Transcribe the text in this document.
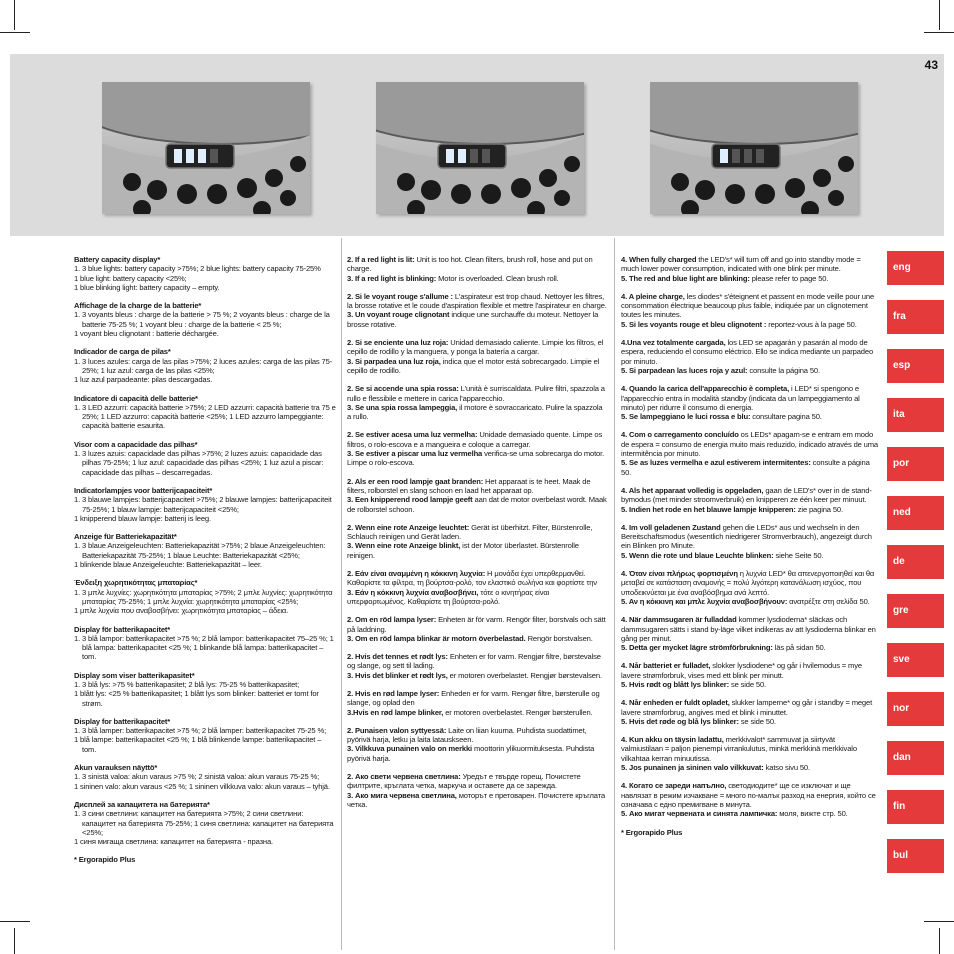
43
Battery capacity display*
1. 3 blue lights: battery capacity >75%; 2 blue lights: battery capacity 75-25%
1 blue light: battery capacity <25%;
1 blue blinking light: battery capacity – empty.
Affichage de la charge de la batterie*
1. 3 voyants bleus : charge de la batterie > 75 %; 2 voyants bleus : charge de la batterie 75-25 %; 1 voyant bleu : charge de la batterie < 25 %;
1 voyant bleu clignotant : batterie déchargée.
Indicador de carga de pilas*
1. 3 luces azules: carga de las pilas >75%; 2 luces azules: carga de las pilas 75-25%; 1 luz azul: carga de las pilas <25%;
1 luz azul parpadeante: pilas descargadas.
Indicatore di capacità delle batterie*
1. 3 LED azzurri: capacità batterie >75%; 2 LED azzurri: capacità batterie tra 75 e 25%; 1 LED azzurro: capacità batterie <25%; 1 LED azzurro lampeggiante: capacità batterie esaurita.
Visor com a capacidade das pilhas*
1. 3 luzes azuis: capacidade das pilhas >75%; 2 luzes azuis: capacidade das pilhas 75-25%; 1 luz azul: capacidade das pilhas <25%; 1 luz azul a piscar: capacidade das pilhas – descarregadas.
Indicatorlampjes voor batterijcapaciteit*
1. 3 blauwe lampjes: batterijcapaciteit >75%; 2 blauwe lampjes: batterijcapaciteit 75-25%; 1 blauw lampje: batterijcapaciteit <25%;
1 knipperend blauw lampje: batterij is leeg.
Anzeige für Batteriekapazität*
1. 3 blaue Anzeigeleuchten: Batteriekapazität >75%; 2 blaue Anzeigeleuchten: Batteriekapazität 75-25%; 1 blaue Leuchte: Batteriekapazität <25%;
1 blinkende blaue Anzeigeleuchte: Batteriekapazität – leer.
Ένδειξη χωρητικότητας μπαταρίας*
1. 3 μπλε λυχνίες: χωρητικότητα μπαταρίας >75%; 2 μπλε λυχνίες: χωρητικότητα μπαταρίας 75-25%; 1 μπλε λυχνία: χωρητικότητα μπαταρίας <25%;
1 μπλε λυχνία που αναβοσβήνει: χωρητικότητα μπαταρίας – άδεια.
Display för batterikapacitet*
1. 3 blå lampor: batterikapacitet >75 %; 2 blå lampor: batterikapacitet 75–25 %; 1 blå lampa: batterikapacitet <25 %; 1 blinkande blå lampa: batterikapacitet – tom.
Display som viser batterikapasitet*
1. 3 blå lys: >75 % batterikapasitet; 2 blå lys: 75-25 % batterikapasitet;
1 blått lys: <25 % batterikapasitet; 1 blått lys som blinker: batteriet er tomt for strøm.
Display for batterikapacitet*
1. 3 blå lamper: batterikapacitet >75 %; 2 blå lamper: batterikapacitet 75-25 %;
1 blå lampe: batterikapacitet <25 %; 1 blå blinkende lampe: batterikapacitet – tom.
Akun varauksen näyttö*
1. 3 sinistä valoa: akun varaus >75 %; 2 sinistä valoa: akun varaus 75-25 %;
1 sininen valo: akun varaus <25 %; 1 sininen vilkkuva valo: akun varaus – tyhjä.
Дисплей за капацитета на батерията*
1. 3 сини светлини: капацитет на батерията >75%; 2 сини светлини: капацитет на батерията 75-25%; 1 синя светлина: капацитет на батерията <25%;
1 синя мигаща светлина: капацитет на батерията - празна.
* Ergorapido Plus
2. If a red light is lit: Unit is too hot. Clean filters, brush roll, hose and put on charge.
3. If a red light is blinking: Motor is overloaded. Clean brush roll.
2. Si le voyant rouge s'allume : L'aspirateur est trop chaud. Nettoyer les filtres, la brosse rotative et le coude d'aspiration flexible et mettre l'aspirateur en charge.
3. Un voyant rouge clignotant indique une surchauffe du moteur. Nettoyer la brosse rotative.
2. Si se enciente una luz roja: Unidad demasiado caliente. Limpie los filtros, el cepillo de rodillo y la manguera, y ponga la batería a cargar.
3. Si parpadea una luz roja, indica que el motor está sobrecargado. Limpie el cepillo de rodillo.
2. Se si accende una spia rossa: L'unità è surriscaldata. Pulire filtri, spazzola a rullo e flessibile e mettere in carica l'apparecchio.
3. Se una spia rossa lampeggia, il motore è sovraccaricato. Pulire la spazzola a rullo.
2. Se estiver acesa uma luz vermelha: Unidade demasiado quente. Limpe os filtros, o rolo-escova e a mangueira e coloque a carregar.
3. Se estiver a piscar uma luz vermelha verifica-se uma sobrecarga do motor. Limpe o rolo-escova.
2. Als er een rood lampje gaat branden: Het apparaat is te heet. Maak de filters, rolborstel en slang schoon en laad het apparaat op.
3. Een knipperend rood lampje geeft aan dat de motor overbelast wordt. Maak de rolborstel schoon.
2. Wenn eine rote Anzeige leuchtet: Gerät ist überhitzt. Filter, Bürstenrolle, Schlauch reinigen und Gerät laden.
3. Wenn eine rote Anzeige blinkt, ist der Motor überlastet. Bürstenrolle reinigen.
2. Εάν είναι αναμμένη η κόκκινη λυχνία: Η μονάδα έχει υπερθερμανθεί. Καθαρίστε τα φίλτρα, τη βούρτσα-ρολό, τον ελαστικό σωλήνα και φορτίστε την
3. Εάν η κόκκινη λυχνία αναβοσβήνει, τότε ο κινητήρας είναι υπερφορτωμένος. Καθαρίστε τη βούρτσα-ρολό.
2. Om en röd lampa lyser: Enheten är för varm. Rengör filter, borstvals och sätt på laddning.
3. Om en röd lampa blinkar är motorn överbelastad. Rengör borstvalsen.
2. Hvis det tennes et rødt lys: Enheten er for varm. Rengjør filtre, børstevalse og slange, og sett til lading.
3. Hvis det blinker et rødt lys, er motoren overbelastet. Rengjør børstevalsen.
2. Hvis en rød lampe lyser: Enheden er for varm. Rengør filtre, børsterulle og slange, og oplad den
3.Hvis en rød lampe blinker, er motoren overbelastet. Rengør børsterullen.
2. Punaisen valon syttyessä: Laite on liian kuuma. Puhdista suodattimet, pyörivä harja, letku ja laita latauskseen.
3. Vilkkuva punainen valo on merkki moottorin ylikuormituksesta. Puhdista pyörivä harja.
2. Ако свети червена светлина: Уредът е твърде горещ. Почистете филтрите, кръглата четка, маркуча и оставете да се зарежда.
3. Ако мига червена светлина, моторът е претоварен. Почистете кръглата четка.
4. When fully charged the LED's* will turn off and go into standby mode = much lower power consumption, indicated with one blink per minute.
5. The red and blue light are blinking: please refer to page 50.
4. A pleine charge, les diodes* s'éteignent et passent en mode veille pour une consommation électrique beaucoup plus faible, indiquée par un clignotement toutes les minutes.
5. Si les voyants rouge et bleu clignotent : reportez-vous à la page 50.
4.Una vez totalmente cargada, los LED se apagarán y pasarán al modo de espera, reduciendo el consumo eléctrico. Ello se indica mediante un parpadeo por minuto.
5. Si parpadean las luces roja y azul: consulte la página 50.
4. Quando la carica dell'apparecchio è completa, i LED* si spengono e l'apparecchio entra in modalità standby (indicata da un lampeggiamento al minuto) per ridurre il consumo di energia.
5. Se lampeggiano le luci rossa e blu: consultare pagina 50.
4. Com o carregamento concluído os LEDs* apagam-se e entram em modo de espera = consumo de energia muito mais reduzido, indicado através de uma intermitência por minuto.
5. Se as luzes vermelha e azul estiverem intermitentes: consulte a página 50.
4. Als het apparaat volledig is opgeladen, gaan de LED's* over in de stand-bymodus (met minder stroomverbruik) en knipperen ze één keer per minuut.
5. Indien het rode en het blauwe lampje knipperen: zie pagina 50.
4. Im voll geladenen Zustand gehen die LEDs* aus und wechseln in den Bereitschaftsmodus (wesentlich niedrigerer Stromverbrauch), angezeigt durch ein Blinken pro Minute.
5. Wenn die rote und blaue Leuchte blinken: siehe Seite 50.
4. Όταν είναι πλήρως φορτισμένη η λυχνία LED* θα απενεργοποιηθεί και θα μεταβεί σε κατάσταση αναμονής = πολύ λιγότερη κατανάλωση ισχύος, που υποδεικνύεται με ένα αναβόσβημα ανά λεπτό.
5. Αν η κόκκινη και μπλε λυχνία αναβοσβήνουν: ανατρέξτε στη σελίδα 50.
4. När dammsugaren är fulladdad kommer lysdioderna* släckas och dammsugaren sätts i stand by-läge vilket indikeras av att lysdioderna blinkar en gång per minut.
5. Detta ger mycket lägre strömförbrukning: läs på sidan 50.
4. Når batteriet er fulladet, slokker lysdiodene* og går i hvilemodus = mye lavere strømforbruk, vises med ett blink per minutt.
5. Hvis rødt og blått lys blinker: se side 50.
4. Når enheden er fuldt opladet, slukker lamperne* og går i standby = meget lavere strømforbrug, angives med et blink i minuttet.
5. Hvis det røde og blå lys blinker: se side 50.
4. Kun akku on täysin ladattu, merkkivalot* sammuvat ja siirtyvät valmiustilaan = paljon pienempi virrankulutus, minkä merkkinä merkkivalo vilkahtaa kerran minuutissa.
5. Jos punainen ja sininen valo vilkkuvat: katso sivu 50.
4. Когато се зареди напълно, светодиодите* ще се изключат и ще навлязат в режим изчакване = много по-малък разход на енергия, който се означава с едно премигване в минута.
5. Ако мигат червената и синята лампичка: моля, вижте стр. 50.
* Ergorapido Plus
eng
fra
esp
ita
por
ned
de
gre
sve
nor
dan
fin
bul
